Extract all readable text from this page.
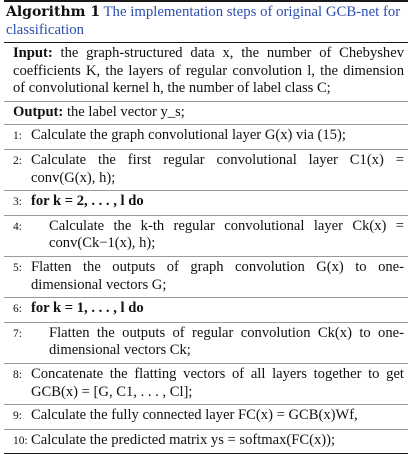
Algorithm 1 The implementation steps of original GCB-net for classification
Input: the graph-structured data x, the number of Chebyshev coefficients K, the layers of regular convolution l, the dimension of convolutional kernel h, the number of label class C;
Output: the label vector y_s;
1: Calculate the graph convolutional layer G(x) via (15);
2: Calculate the first regular convolutional layer C1(x) = conv(G(x), h);
3: for k = 2, . . . , l do
4:	Calculate the k-th regular convolutional layer Ck(x) = conv(Ck−1(x), h);
5: Flatten the outputs of graph convolution G(x) to one-dimensional vectors G;
6: for k = 1, . . . , l do
7:	Flatten the outputs of regular convolution Ck(x) to one-dimensional vectors Ck;
8: Concatenate the flatting vectors of all layers together to get GCB(x) = [G, C1, . . . , Cl];
9: Calculate the fully connected layer FC(x) = GCB(x)Wf,
10: Calculate the predicted matrix ys = softmax(FC(x));
